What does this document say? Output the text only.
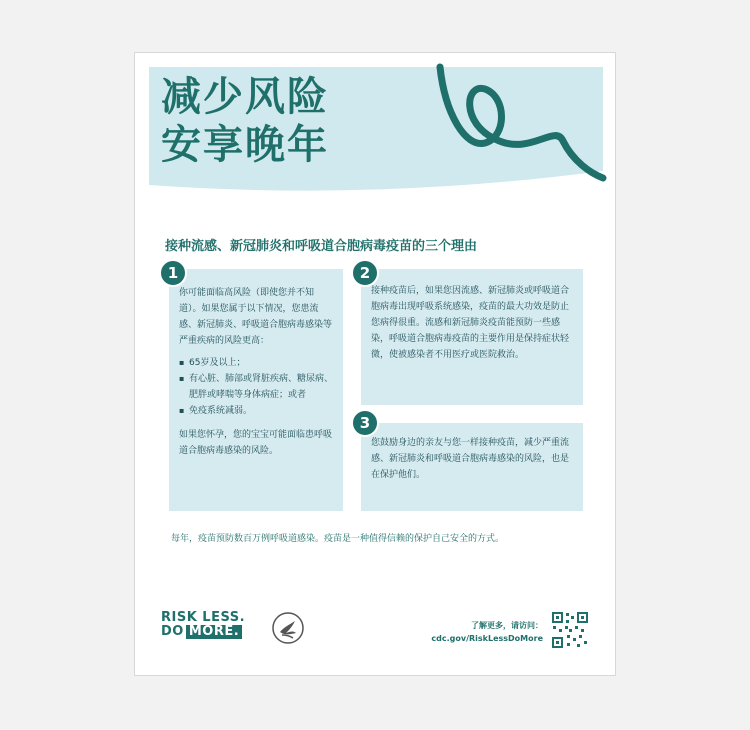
减少风险
安享晚年
接种流感、新冠肺炎和呼吸道合胞病毒疫苗的三个理由

你可能面临高风险（即使您并不知道）。如果您属于以下情况，您患流感、新冠肺炎、呼吸道合胞病毒感染等严重疾病的风险更高：

▪ 65岁及以上；
▪ 有心脏、肺部或肾脏疾病、糖尿病、肥胖或哮喘等身体病症；或者
▪ 免疫系统减弱。

如果您怀孕，您的宝宝可能面临患呼吸道合胞病毒感染的风险。

1

接种疫苗后，如果您因流感、新冠肺炎或呼吸道合胞病毒出现呼吸系统感染，疫苗的最大功效是防止您病得很重。流感和新冠肺炎疫苗能预防一些感染，呼吸道合胞病毒疫苗的主要作用是保持症状轻微，使被感染者不用医疗或医院救治。

2

您鼓励身边的亲友与您一样接种疫苗，减少严重流感、新冠肺炎和呼吸道合胞病毒感染的风险，也是在保护他们。

3

每年，疫苗预防数百万例呼吸道感染。疫苗是一种值得信赖的保护自己安全的方式。

RISK LESS.
DO MORE.	了解更多，请访问：
cdc.gov/RiskLessDoMore
